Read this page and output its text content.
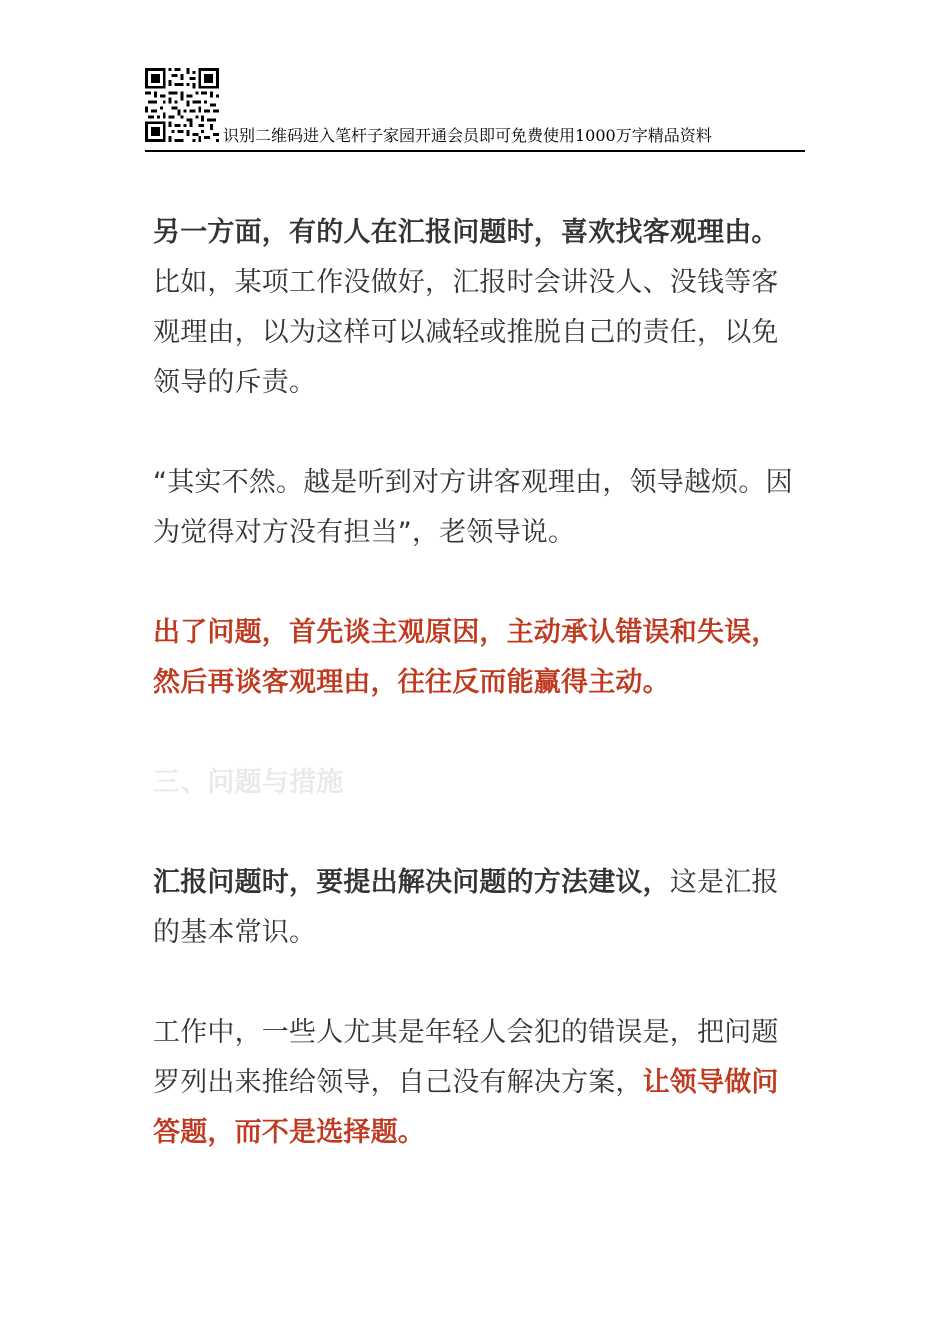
识别二维码进入笔杆子家园开通会员即可免费使用1000万字精品资料

另一方面，有的人在汇报问题时，喜欢找客观理由。比如，某项工作没做好，汇报时会讲没人、没钱等客观理由，以为这样可以减轻或推脱自己的责任，以免领导的斥责。

“其实不然。越是听到对方讲客观理由，领导越烦。因为觉得对方没有担当”，老领导说。

出了问题，首先谈主观原因，主动承认错误和失误，然后再谈客观理由，往往反而能赢得主动。

三、问题与措施

汇报问题时，要提出解决问题的方法建议，这是汇报的基本常识。

工作中，一些人尤其是年轻人会犯的错误是，把问题罗列出来推给领导，自己没有解决方案，让领导做问答题，而不是选择题。
